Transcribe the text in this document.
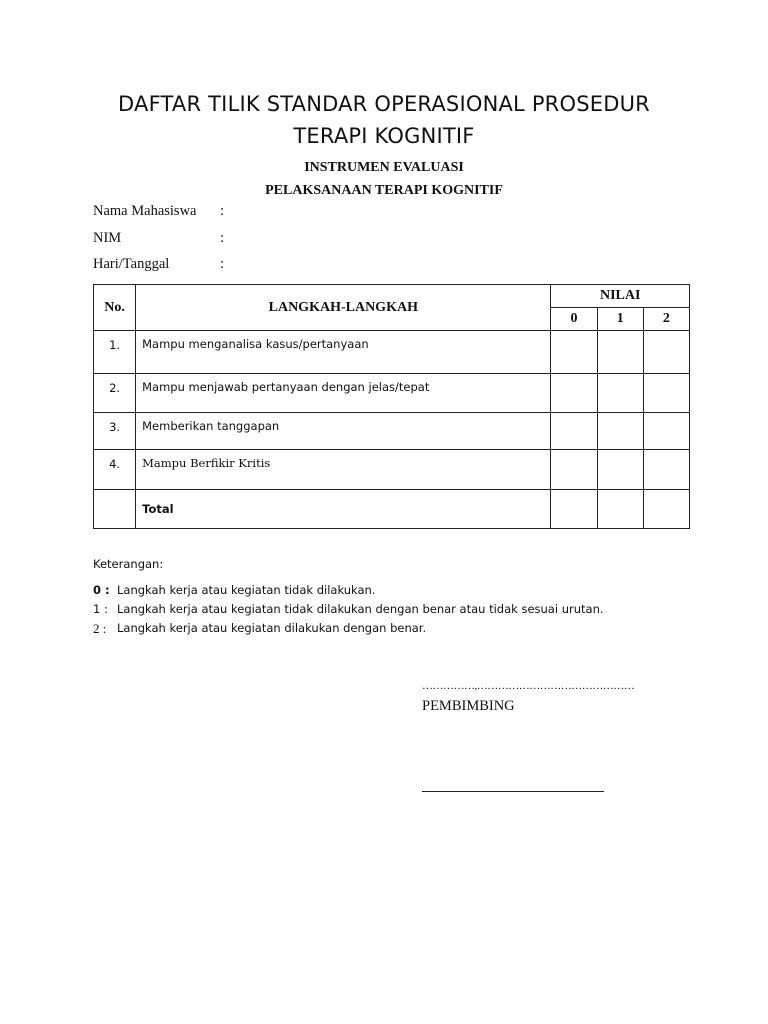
DAFTAR TILIK STANDAR OPERASIONAL PROSEDUR
TERAPI KOGNITIF
INSTRUMEN EVALUASI
PELAKSANAAN TERAPI KOGNITIF
Nama Mahasiswa :
NIM	:
Hari/Tanggal	:
No.	LANGKAH-LANGKAH	NILAI		
		0	1	2
1.	Mampu menganalisa kasus/pertanyaan			
2.	Mampu menjawab pertanyaan dengan jelas/tepat			
3.	Memberikan tanggapan			
4.	Mampu Berfikir Kritis			
	Total			
Keterangan:
0 : Langkah kerja atau kegiatan tidak dilakukan.
1 : Langkah kerja atau kegiatan tidak dilakukan dengan benar atau tidak sesuai urutan.
2 : Langkah kerja atau kegiatan dilakukan dengan benar.
……………,………………………………………
PEMBIMBING
